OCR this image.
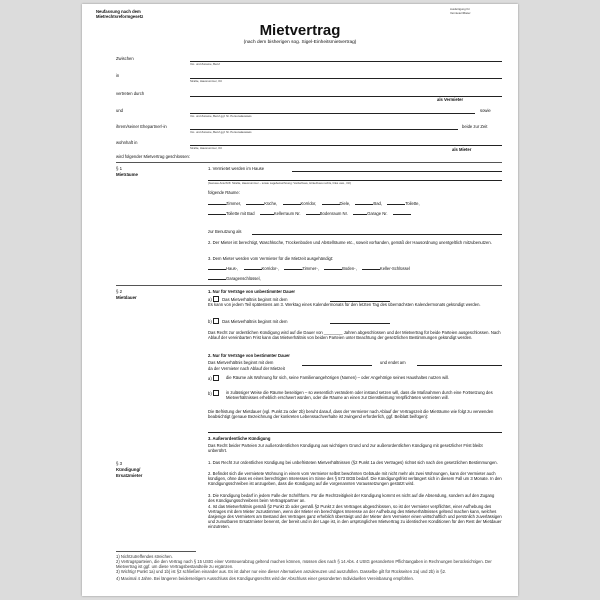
Neufassung nach dem
Mietrechtsreformgesetz
Ausfertigung für
Vermieter/Mieter
Mietvertrag
(nach dem bisherigen sog. Sigel-Einheitsmietvertrag)
Zwischen
Vor- und Zuname, Beruf
in
Straße, Hausnummer, Ort
vertreten durch
als Vermieter
und	sowie
Vor- und Zuname, Beruf ggf. Nr. Personalausweis
ihrem/seiner Ehepartner/-in	beide zur Zeit
Vor- und Zuname, Beruf ggf. Nr. Personalausweis
wohnhaft in
Straße, Hausnummer, Ort	als Mieter
wird folgender Mietvertrag geschlossen:
§ 1
Mieträume
1. Vermietet werden im Hause
(Genaue Anschrift: Straße, Hausnummer – sowie Lagebezeichnung: Vorderhaus, Hinterhaus rechts, links usw., Ort)
folgende Räume:
Zimmer,	Küche,	Korridor,	Diele,	Bad,	Toilette,
Toilette mit Bad	Kellerraum Nr.	Bodenraum Nr.	Garage Nr.
zur Benutzung als
2. Der Mieter ist berechtigt, Waschküche, Trockenboden und Abstellräume etc., soweit vorhanden, gemäß der Hausordnung unentgeltlich mitzubenutzen.
3. Dem Mieter werden vom Vermieter für die Mietzeit ausgehändigt:
Haus-,	Korridor-,	Zimmer-,	Boden-,	Keller-Schlüssel
Garagenschlüssel,
§ 2
Mietdauer
1. Nur für Verträge von unbestimmter Dauer
a) Das Mietverhältnis beginnt mit dem
Es kann von jedem Teil spätestens am 3. Werktag eines Kalendermonats für den letzten Tag des übernächsten Kalendermonats gekündigt werden.
b) Das Mietverhältnis beginnt mit dem
Das Recht zur ordentlichen Kündigung wird auf die Dauer von ________ Jahren abgeschlossen und der Mietvertrag für beide Parteien ausgeschlossen. Nach Ablauf der vereinbarten Frist kann das Mietverhältnis von beiden Parteien unter Beachtung der gesetzlichen Bestimmungen gekündigt werden.
2. Nur für Verträge von bestimmter Dauer
Das Mietverhältnis beginnt mit dem	und endet am
da der Vermieter nach Ablauf der Mietzeit
a)	die Räume als Wohnung für sich, seine Familienangehörigen (Namen) – oder Angehörige seines Haushaltes nutzen will.
b)	in zulässiger Weise die Räume beseitigen – so wesentlich verändern oder instand setzen will, dass die Maßnahmen durch eine Fortsetzung des Mietverhältnisses erheblich erschwert würden, oder die Räume an einen zur Dienstleistung Verpflichteten vermieten will.
Die Befristung der Mietdauer (vgl. Punkt 2a oder 2b) beruht darauf, dass der Vermieter nach Ablauf der Vertragszeit die Mieträume wie folgt zu verwenden beabsichtigt (genaue Bezeichnung der konkreten Lebenssachverhalte ist zwingend erforderlich, ggf. Beiblatt beifügen):
3. Außerordentliche Kündigung
Das Recht beider Parteien zur außerordentlichen Kündigung aus wichtigem Grund und zur außerordentlichen Kündigung mit gesetzlicher Frist bleibt unberührt.
§ 3
Kündigung/
Ersatzmieter
1. Das Recht zur ordentlichen Kündigung bei unbefristeten Mietverhältnissen (§2 Punkt 1a des Vertrages) richtet sich nach den gesetzlichen Bestimmungen.
2. Befindet sich die vermietete Wohnung in einem vom Vermieter selbst bewohnten Gebäude mit nicht mehr als zwei Wohnungen, kann der Vermieter auch kündigen, ohne dass es eines berechtigten Interesses im Sinne des § 573 BGB bedarf. Die Kündigungsfrist verlängert sich in diesem Fall um 3 Monate. In den Kündigungsschreiben ist anzugeben, dass die Kündigung auf die vorgenannten Voraussetzungen gestützt wird.
3. Die Kündigung bedarf in jedem Falle der Schriftform. Für die Rechtzeitigkeit der Kündigung kommt es nicht auf die Absendung, sondern auf den Zugang des Kündigungsschreibens beim Vertragspartner an.
4. Ist das Mietverhältnis gemäß §2 Punkt 1b oder gemäß §2 Punkt 2 des Vertrages abgeschlossen, so ist der Vermieter verpflichtet, einer Aufhebung des Vertrages mit dem Mieter zuzustimmen, wenn der Mieter ein berechtigtes Interesse an der Aufhebung des Mietverhältnisses geltend machen kann, welches dasjenige des Vermieters am Bestand des Vertrages ganz erheblich übersteigt und der Mieter dem Vermieter einen wirtschaftlich und persönlich zuverlässigen und zumutbaren Ersatzmieter benennt, der bereit und in der Lage ist, in den ursprünglichen Mietvertrag zu identischen Konditionen für den Rest der Mietdauer einzutreten.
1) Nichtzutreffendes streichen.
2) Vertragsparteien, die den Vertrag nach § 15 UStG einer Vorsteuerabzug geltend machen können, müssen dies nach § 14 Abs. 4 UStG gesonderten Pflichtangaben in Rechnungen berücksichtigen. Der Mietvertrag ist ggf. um diese Vertragsbestandteile zu ergänzen.
3) Wichtig! Punkt 1a) und 1b) ist §2 schließen einander aus. Es ist daher nur eine dieser Alternativen anzukreuzen und auszufüllen. Dasselbe gilt für Rückseiten 2a) und 2b) in §2.
4) Maximal 4 Jahre. Bei längeren beiderseitigem Ausschluss des Kündigungsrechts wird der Abschluss einer gesonderten Individuellen Vereinbarung empfohlen.
